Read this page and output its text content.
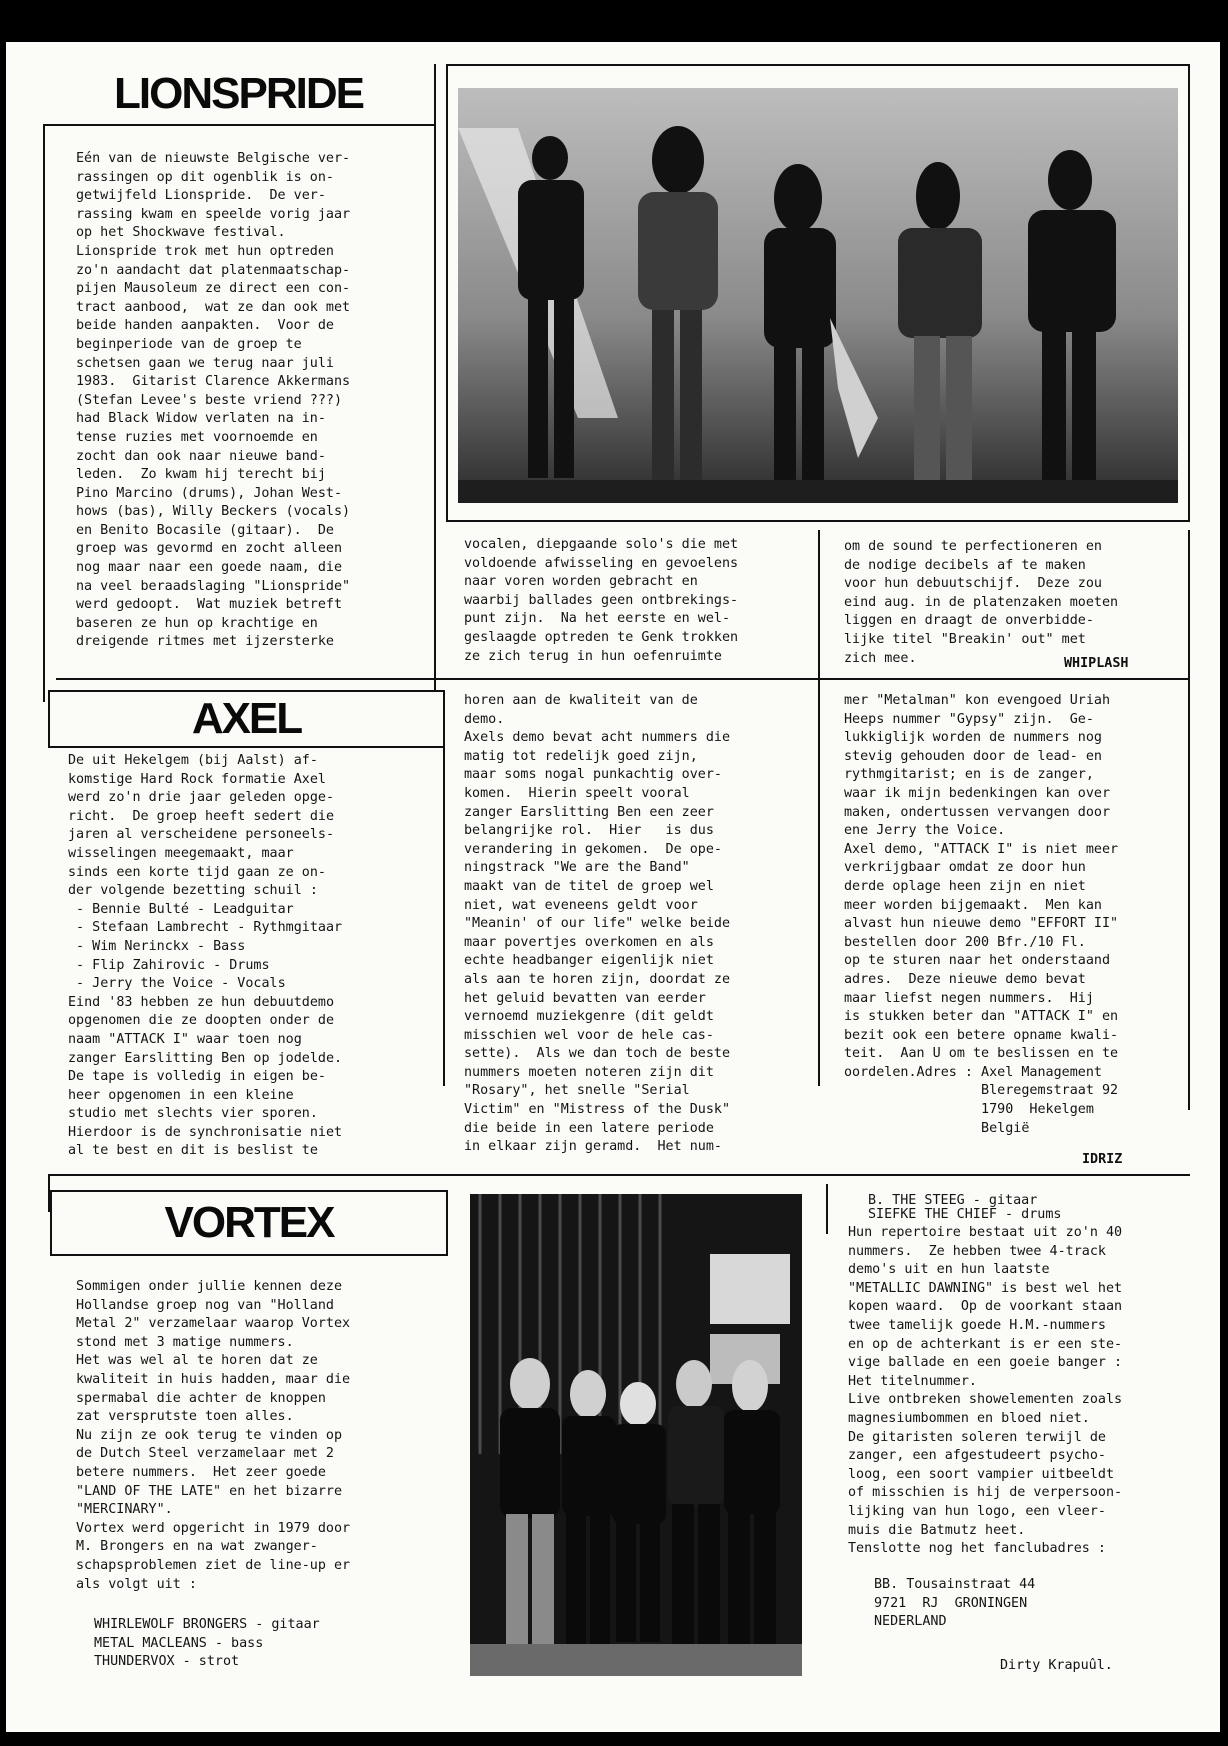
LIONSPRIDE
Eén van de nieuwste Belgische ver-
rassingen op dit ogenblik is on-
getwijfeld Lionspride.  De ver-
rassing kwam en speelde vorig jaar
op het Shockwave festival.
Lionspride trok met hun optreden
zo'n aandacht dat platenmaatschap-
pijen Mausoleum ze direct een con-
tract aanbood,  wat ze dan ook met
beide handen aanpakten.  Voor de
beginperiode van de groep te
schetsen gaan we terug naar juli
1983.  Gitarist Clarence Akkermans
(Stefan Levee's beste vriend ???)
had Black Widow verlaten na in-
tense ruzies met voornoemde en
zocht dan ook naar nieuwe band-
leden.  Zo kwam hij terecht bij
Pino Marcino (drums), Johan West-
hows (bas), Willy Beckers (vocals)
en Benito Bocasile (gitaar).  De
groep was gevormd en zocht alleen
nog maar naar een goede naam, die
na veel beraadslaging "Lionspride"
werd gedoopt.  Wat muziek betreft
baseren ze hun op krachtige en
dreigende ritmes met ijzersterke
vocalen, diepgaande solo's die met
voldoende afwisseling en gevoelens
naar voren worden gebracht en
waarbij ballades geen ontbrekings-
punt zijn.  Na het eerste en wel-
geslaagde optreden te Genk trokken
ze zich terug in hun oefenruimte
om de sound te perfectioneren en
de nodige decibels af te maken
voor hun debuutschijf.  Deze zou
eind aug. in de platenzaken moeten
liggen en draagt de onverbidde-
lijke titel "Breakin' out" met
zich mee.	WHIPLASH
AXEL
De uit Hekelgem (bij Aalst) af-
komstige Hard Rock formatie Axel
werd zo'n drie jaar geleden opge-
richt.  De groep heeft sedert die
jaren al verscheidene personeels-
wisselingen meegemaakt, maar
sinds een korte tijd gaan ze on-
der volgende bezetting schuil :
- Bennie Bulté - Leadguitar
- Stefaan Lambrecht - Rythmgitaar
- Wim Nerinckx - Bass
- Flip Zahirovic - Drums
- Jerry the Voice - Vocals
Eind '83 hebben ze hun debuutdemo
opgenomen die ze doopten onder de
naam "ATTACK I" waar toen nog
zanger Earslitting Ben op jodelde.
De tape is volledig in eigen be-
heer opgenomen in een kleine
studio met slechts vier sporen.
Hierdoor is de synchronisatie niet
al te best en dit is beslist te
horen aan de kwaliteit van de
demo.
Axels demo bevat acht nummers die
matig tot redelijk goed zijn,
maar soms nogal punkachtig over-
komen.  Hierin speelt vooral
zanger Earslitting Ben een zeer
belangrijke rol.  Hier   is dus
verandering in gekomen.  De ope-
ningstrack "We are the Band"
maakt van de titel de groep wel
niet, wat eveneens geldt voor
"Meanin' of our life" welke beide
maar povertjes overkomen en als
echte headbanger eigenlijk niet
als aan te horen zijn, doordat ze
het geluid bevatten van eerder
vernoemd muziekgenre (dit geldt
misschien wel voor de hele cas-
sette).  Als we dan toch de beste
nummers moeten noteren zijn dit
"Rosary", het snelle "Serial
Victim" en "Mistress of the Dusk"
die beide in een latere periode
in elkaar zijn geramd.  Het num-
mer "Metalman" kon evengoed Uriah
Heeps nummer "Gypsy" zijn.  Ge-
lukkiglijk worden de nummers nog
stevig gehouden door de lead- en
rythmgitarist; en is de zanger,
waar ik mijn bedenkingen kan over
maken, ondertussen vervangen door
ene Jerry the Voice.
Axel demo, "ATTACK I" is niet meer
verkrijgbaar omdat ze door hun
derde oplage heen zijn en niet
meer worden bijgemaakt.  Men kan
alvast hun nieuwe demo "EFFORT II"
bestellen door 200 Bfr./10 Fl.
op te sturen naar het onderstaand
adres.  Deze nieuwe demo bevat
maar liefst negen nummers.  Hij
is stukken beter dan "ATTACK I" en
bezit ook een betere opname kwali-
teit.  Aan U om te beslissen en te
oordelen.Adres : Axel Management
Bleregemstraat 92
1790  Hekelgem
België
IDRIZ
VORTEX
Sommigen onder jullie kennen deze
Hollandse groep nog van "Holland
Metal 2" verzamelaar waarop Vortex
stond met 3 matige nummers.
Het was wel al te horen dat ze
kwaliteit in huis hadden, maar die
spermabal die achter de knoppen
zat versprutste toen alles.
Nu zijn ze ook terug te vinden op
de Dutch Steel verzamelaar met 2
betere nummers.  Het zeer goede
"LAND OF THE LATE" en het bizarre
"MERCINARY".
Vortex werd opgericht in 1979 door
M. Brongers en na wat zwanger-
schapsproblemen ziet de line-up er
als volgt uit :
WHIRLEWOLF BRONGERS - gitaar
METAL MACLEANS - bass
THUNDERVOX - strot
B. THE STEEG - gitaar
SIEFKE THE CHIEF - drums
Hun repertoire bestaat uit zo'n 40
nummers.  Ze hebben twee 4-track
demo's uit en hun laatste
"METALLIC DAWNING" is best wel het
kopen waard.  Op de voorkant staan
twee tamelijk goede H.M.-nummers
en op de achterkant is er een ste-
vige ballade en een goeie banger :
Het titelnummer.
Live ontbreken showelementen zoals
magnesiumbommen en bloed niet.
De gitaristen soleren terwijl de
zanger, een afgestudeert psycho-
loog, een soort vampier uitbeeldt
of misschien is hij de verpersoon-
lijking van hun logo, een vleer-
muis die Batmutz heet.
Tenslotte nog het fanclubadres :
BB. Tousainstraat 44
9721  RJ  GRONINGEN
NEDERLAND
Dirty Krapuûl.
